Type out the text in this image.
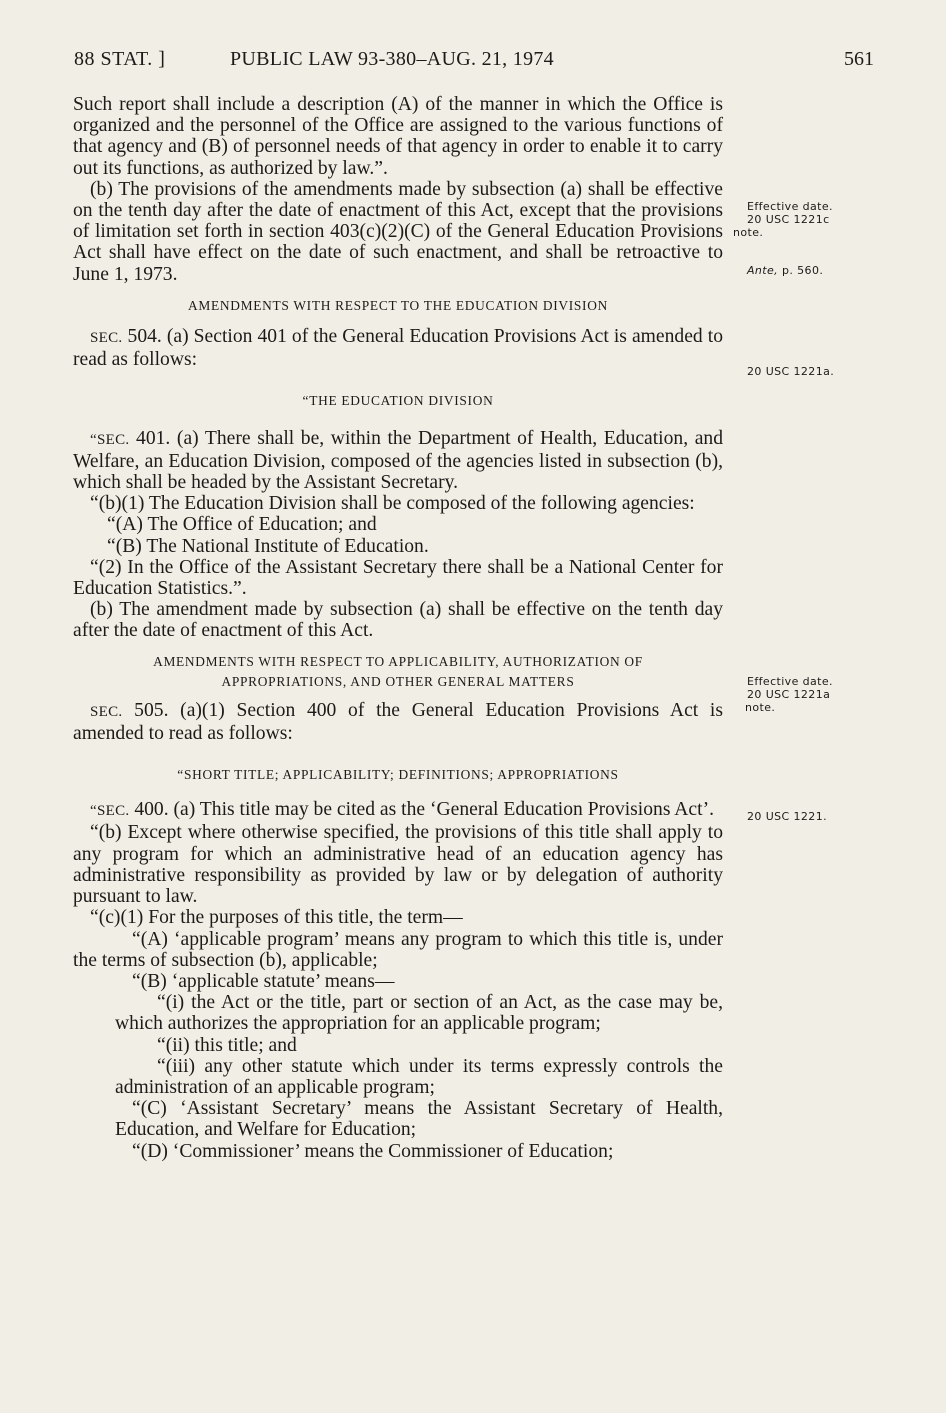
88 STAT. ]	PUBLIC LAW 93-380–AUG. 21, 1974	561

Such report shall include a description (A) of the manner in which the Office is organized and the personnel of the Office are assigned to the various functions of that agency and (B) of personnel needs of that agency in order to enable it to carry out its functions, as authorized by law.”.

(b) The provisions of the amendments made by subsection (a) shall be effective on the tenth day after the date of enactment of this Act, except that the provisions of limitation set forth in section 403(c)(2)(C) of the General Education Provisions Act shall have effect on the date of such enactment, and shall be retroactive to June 1, 1973.

AMENDMENTS WITH RESPECT TO THE EDUCATION DIVISION

SEC. 504. (a) Section 401 of the General Education Provisions Act is amended to read as follows:

“THE EDUCATION DIVISION

“SEC. 401. (a) There shall be, within the Department of Health, Education, and Welfare, an Education Division, composed of the agencies listed in subsection (b), which shall be headed by the Assistant Secretary.

“(b)(1) The Education Division shall be composed of the following agencies:

“(A) The Office of Education; and

“(B) The National Institute of Education.

“(2) In the Office of the Assistant Secretary there shall be a National Center for Education Statistics.”.

(b) The amendment made by subsection (a) shall be effective on the tenth day after the date of enactment of this Act.

AMENDMENTS WITH RESPECT TO APPLICABILITY, AUTHORIZATION OF
APPROPRIATIONS, AND OTHER GENERAL MATTERS

SEC. 505. (a)(1) Section 400 of the General Education Provisions Act is amended to read as follows:

“SHORT TITLE; APPLICABILITY; DEFINITIONS; APPROPRIATIONS

“SEC. 400. (a) This title may be cited as the ‘General Education Provisions Act’.

“(b) Except where otherwise specified, the provisions of this title shall apply to any program for which an administrative head of an education agency has administrative responsibility as provided by law or by delegation of authority pursuant to law.

“(c)(1) For the purposes of this title, the term—

“(A) ‘applicable program’ means any program to which this title is, under the terms of subsection (b), applicable;

“(B) ‘applicable statute’ means—

“(i) the Act or the title, part or section of an Act, as the case may be, which authorizes the appropriation for an applicable program;

“(ii) this title; and

“(iii) any other statute which under its terms expressly controls the administration of an applicable program;

“(C) ‘Assistant Secretary’ means the Assistant Secretary of Health, Education, and Welfare for Education;

“(D) ‘Commissioner’ means the Commissioner of Education;

Effective date.
20 USC 1221c
note.
Ante, p. 560.
20 USC 1221a.
Effective date.
20 USC 1221a
note.
20 USC 1221.
